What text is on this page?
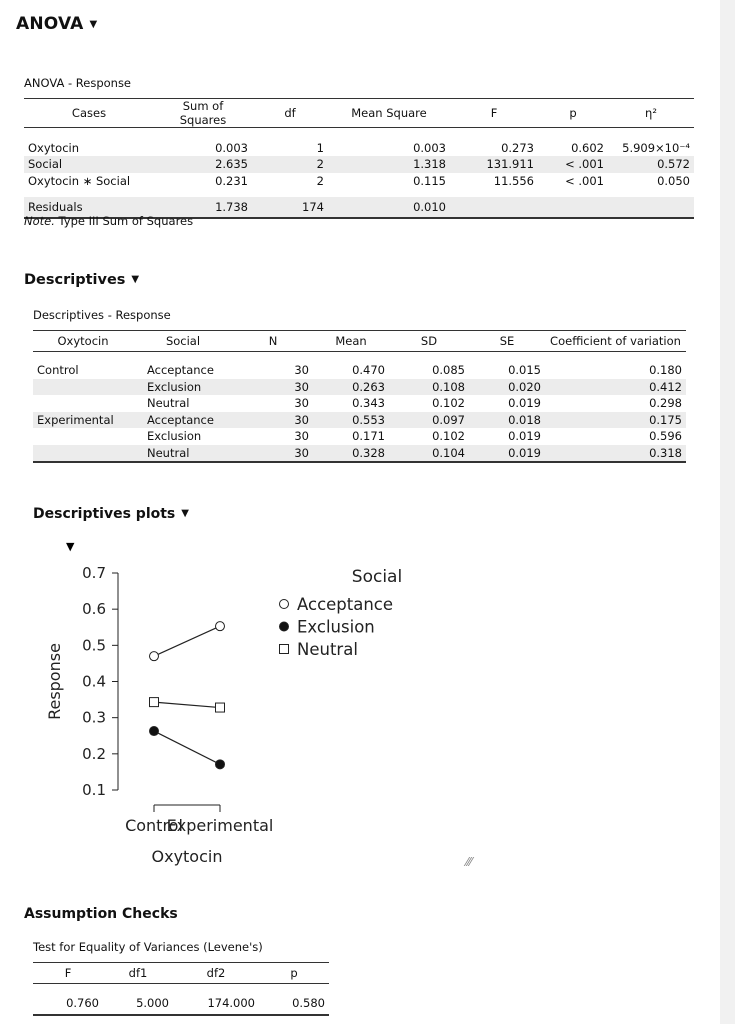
ANOVA ▼
ANOVA - Response
Cases	Sum of Squares	df	Mean Square	F	p	η²

Oxytocin	0.003	1	0.003	0.273	0.602	5.909×10⁻⁴
Social	2.635	2	1.318	131.911	< .001	0.572
Oxytocin ∗ Social	0.231	2	0.115	11.556	< .001	0.050

Residuals	1.738	174	0.010			
Note. Type III Sum of Squares
Descriptives ▼
Descriptives - Response
Oxytocin	Social	N	Mean	SD	SE	Coefficient of variation

Control	Acceptance	30	0.470	0.085	0.015	0.180
	Exclusion	30	0.263	0.108	0.020	0.412
	Neutral	30	0.343	0.102	0.019	0.298
Experimental	Acceptance	30	0.553	0.097	0.018	0.175
	Exclusion	30	0.171	0.102	0.019	0.596
	Neutral	30	0.328	0.104	0.019	0.318
Descriptives plots ▼
▼
0.1
0.2
0.3
0.4
0.5
0.6
0.7
Response
Control
Experimental
Oxytocin
Social
Acceptance
Exclusion
Neutral
⁄⁄⁄
Assumption Checks
Test for Equality of Variances (Levene's)
F	df1	df2	p

0.760	5.000	174.000	0.580
